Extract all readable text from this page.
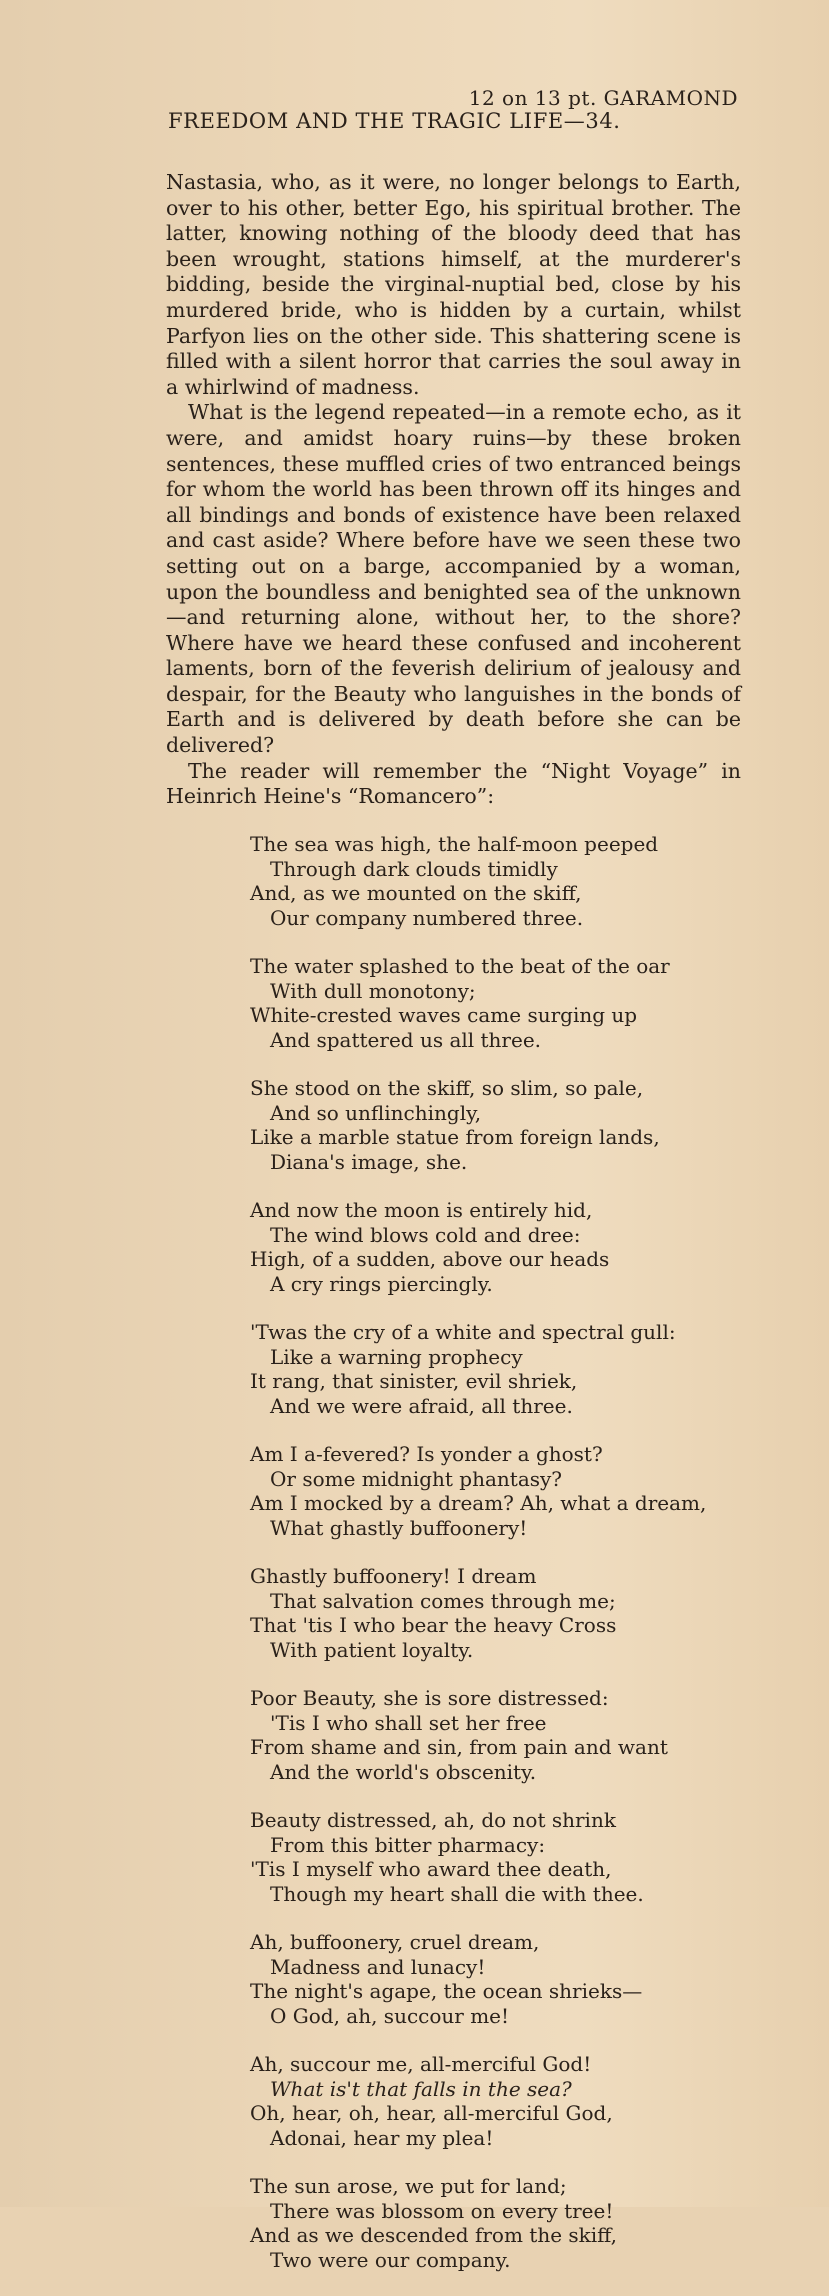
12 on 13 pt. GARAMOND
FREEDOM AND THE TRAGIC LIFE—34.

Nastasia, who, as it were, no longer belongs to Earth, over to his other, better Ego, his spiritual brother. The latter, knowing nothing of the bloody deed that has been wrought, stations himself, at the murderer's bidding, beside the virginal-nuptial bed, close by his murdered bride, who is hidden by a curtain, whilst Parfyon lies on the other side. This shattering scene is filled with a silent horror that carries the soul away in a whirlwind of madness.

What is the legend repeated—in a remote echo, as it were, and amidst hoary ruins—by these broken sentences, these muffled cries of two entranced beings for whom the world has been thrown off its hinges and all bindings and bonds of existence have been relaxed and cast aside? Where before have we seen these two setting out on a barge, accompanied by a woman, upon the boundless and benighted sea of the unknown—and returning alone, without her, to the shore? Where have we heard these confused and incoherent laments, born of the feverish delirium of jealousy and despair, for the Beauty who languishes in the bonds of Earth and is delivered by death before she can be delivered?

The reader will remember the “Night Voyage” in Heinrich Heine's “Romancero”:

The sea was high, the half-moon peeped
Through dark clouds timidly
And, as we mounted on the skiff,
Our company numbered three.
The water splashed to the beat of the oar
With dull monotony;
White-crested waves came surging up
And spattered us all three.
She stood on the skiff, so slim, so pale,
And so unflinchingly,
Like a marble statue from foreign lands,
Diana's image, she.
And now the moon is entirely hid,
The wind blows cold and dree:
High, of a sudden, above our heads
A cry rings piercingly.
'Twas the cry of a white and spectral gull:
Like a warning prophecy
It rang, that sinister, evil shriek,
And we were afraid, all three.
Am I a-fevered? Is yonder a ghost?
Or some midnight phantasy?
Am I mocked by a dream? Ah, what a dream,
What ghastly buffoonery!
Ghastly buffoonery! I dream
That salvation comes through me;
That 'tis I who bear the heavy Cross
With patient loyalty.
Poor Beauty, she is sore distressed:
'Tis I who shall set her free
From shame and sin, from pain and want
And the world's obscenity.
Beauty distressed, ah, do not shrink
From this bitter pharmacy:
'Tis I myself who award thee death,
Though my heart shall die with thee.
Ah, buffoonery, cruel dream,
Madness and lunacy!
The night's agape, the ocean shrieks—
O God, ah, succour me!
Ah, succour me, all-merciful God!
What is't that falls in the sea?
Oh, hear, oh, hear, all-merciful God,
Adonai, hear my plea!
The sun arose, we put for land;
There was blossom on every tree!
And as we descended from the skiff,
Two were our company.
